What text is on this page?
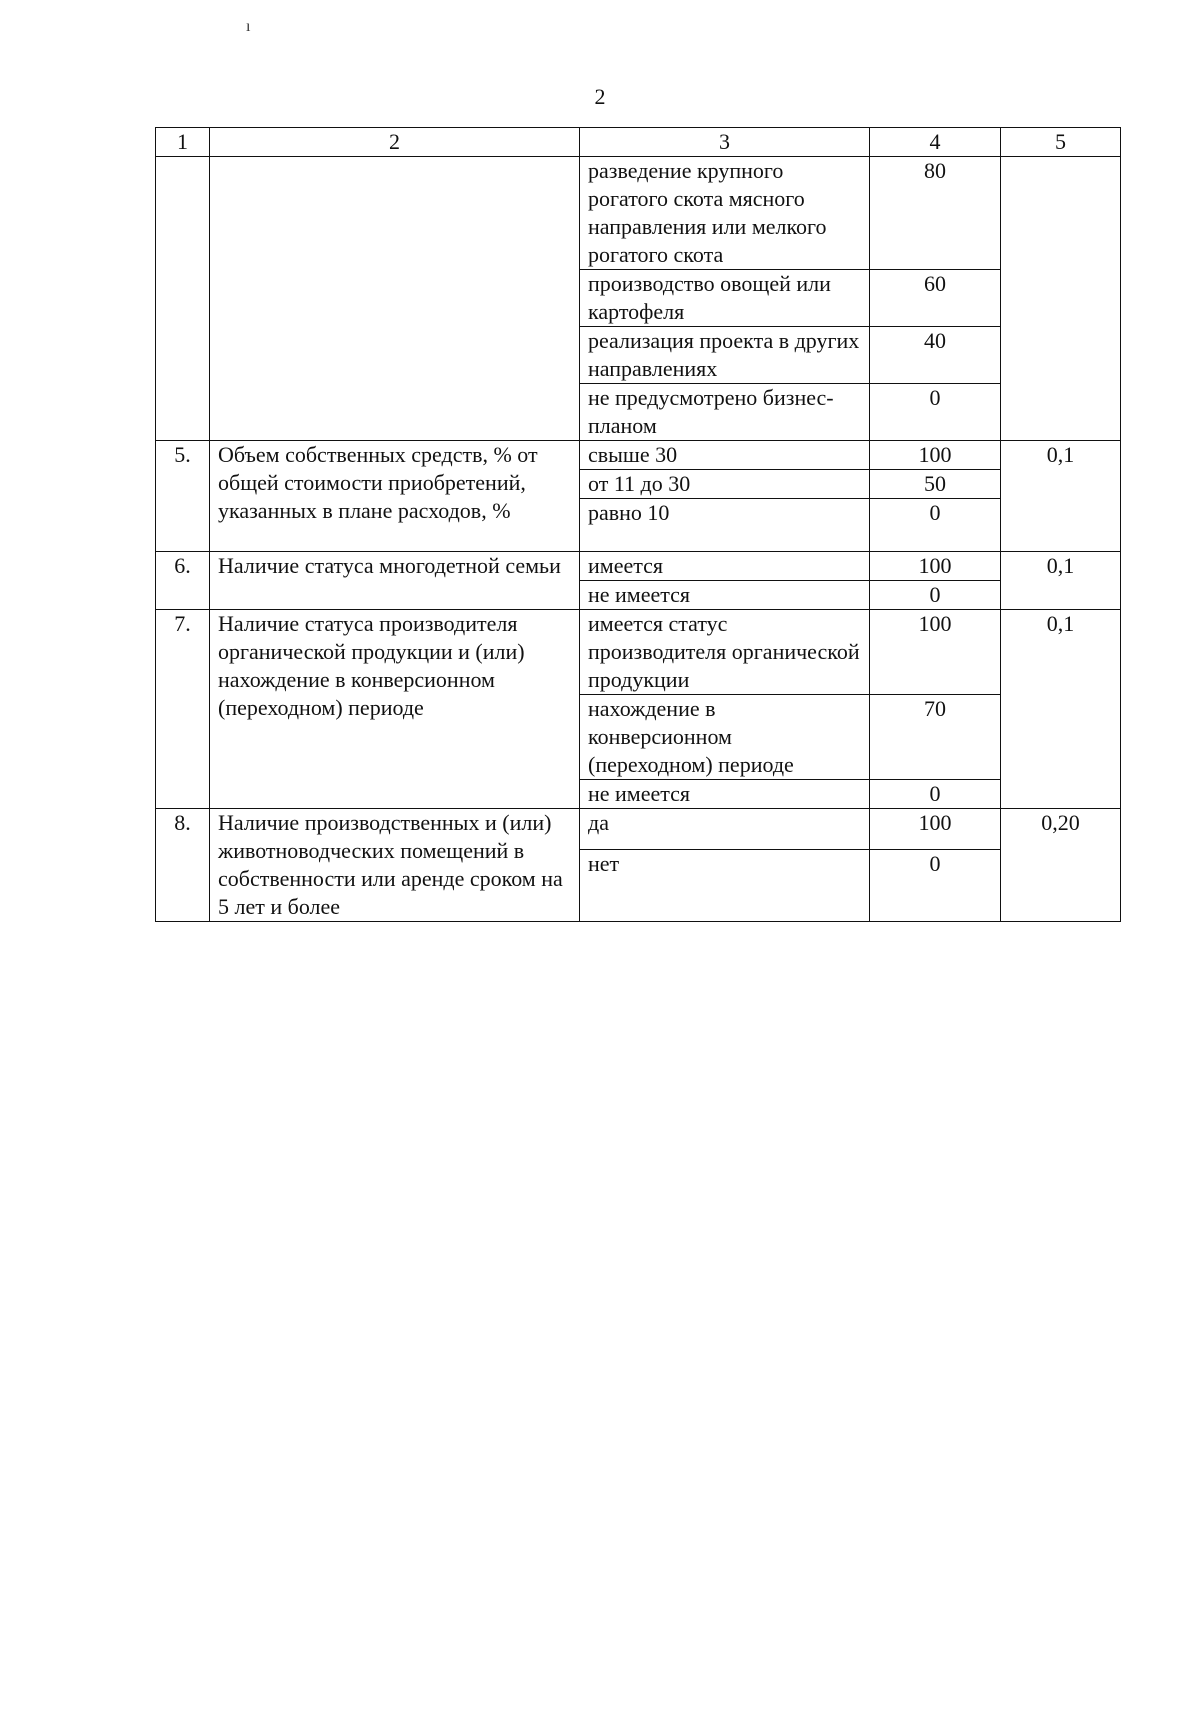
ı
2
1	2	3	4	5
		разведение крупного рогатого скота мясного направления или мелкого рогатого скота	80	
		производство овощей или картофеля	60	
		реализация проекта в других направлениях	40	
		не предусмотрено бизнес-планом	0	
5.	Объем собственных средств, % от общей стоимости приобретений, указанных в плане расходов, %	свыше 30	100	0,1
		от 11 до 30	50	
		равно 10	0	
6.	Наличие статуса многодетной семьи	имеется	100	0,1
		не имеется	0	
7.	Наличие статуса производителя органической продукции и (или) нахождение в конверсионном (переходном) периоде	имеется статус производителя органической продукции	100	0,1
		нахождение в конверсионном (переходном) периоде	70	
		не имеется	0	
8.	Наличие производственных и (или) животноводческих помещений в собственности или аренде сроком на 5 лет и более	да	100	0,20
		нет	0	
